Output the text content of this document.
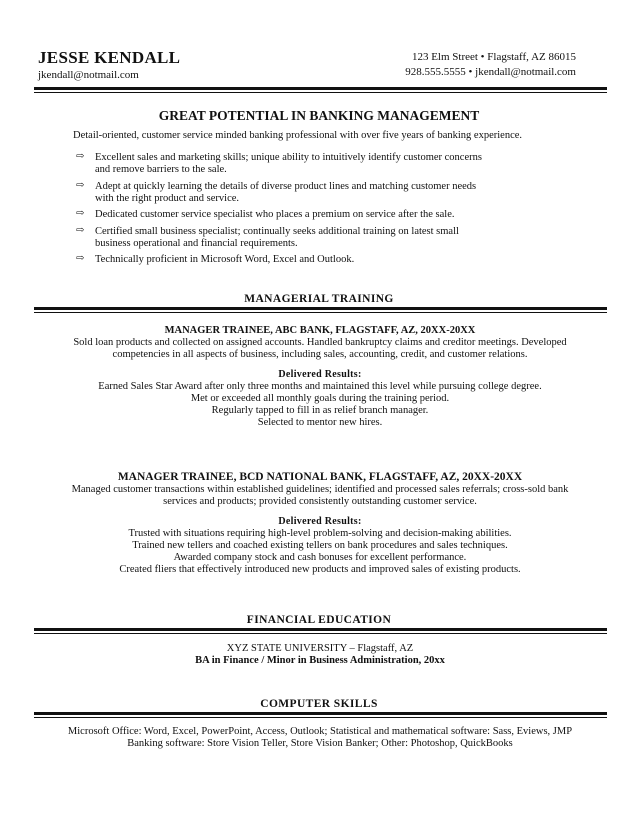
JESSE KENDALL
jkendall@notmail.com
123 Elm Street • Flagstaff, AZ 86015
928.555.5555 • jkendall@notmail.com
GREAT POTENTIAL IN BANKING MANAGEMENT
Detail-oriented, customer service minded banking professional with over five years of banking experience.
⇨ Excellent sales and marketing skills; unique ability to intuitively identify customer concerns
and remove barriers to the sale.
⇨ Adept at quickly learning the details of diverse product lines and matching customer needs
with the right product and service.
⇨ Dedicated customer service specialist who places a premium on service after the sale.
⇨ Certified small business specialist; continually seeks additional training on latest small
business operational and financial requirements.
⇨ Technically proficient in Microsoft Word, Excel and Outlook.
MANAGERIAL TRAINING
MANAGER TRAINEE, ABC BANK, FLAGSTAFF, AZ, 20XX-20XX
Sold loan products and collected on assigned accounts. Handled bankruptcy claims and creditor meetings. Developed
competencies in all aspects of business, including sales, accounting, credit, and customer relations.
Delivered Results:
Earned Sales Star Award after only three months and maintained this level while pursuing college degree.
Met or exceeded all monthly goals during the training period.
Regularly tapped to fill in as relief branch manager.
Selected to mentor new hires.
MANAGER TRAINEE, BCD NATIONAL BANK, FLAGSTAFF, AZ, 20XX-20XX
Managed customer transactions within established guidelines; identified and processed sales referrals; cross-sold bank
services and products; provided consistently outstanding customer service.
Delivered Results:
Trusted with situations requiring high-level problem-solving and decision-making abilities.
Trained new tellers and coached existing tellers on bank procedures and sales techniques.
Awarded company stock and cash bonuses for excellent performance.
Created fliers that effectively introduced new products and improved sales of existing products.
FINANCIAL EDUCATION
XYZ STATE UNIVERSITY – Flagstaff, AZ
BA in Finance / Minor in Business Administration, 20xx
COMPUTER SKILLS
Microsoft Office: Word, Excel, PowerPoint, Access, Outlook; Statistical and mathematical software: Sass, Eviews, JMP
Banking software: Store Vision Teller, Store Vision Banker; Other: Photoshop, QuickBooks
